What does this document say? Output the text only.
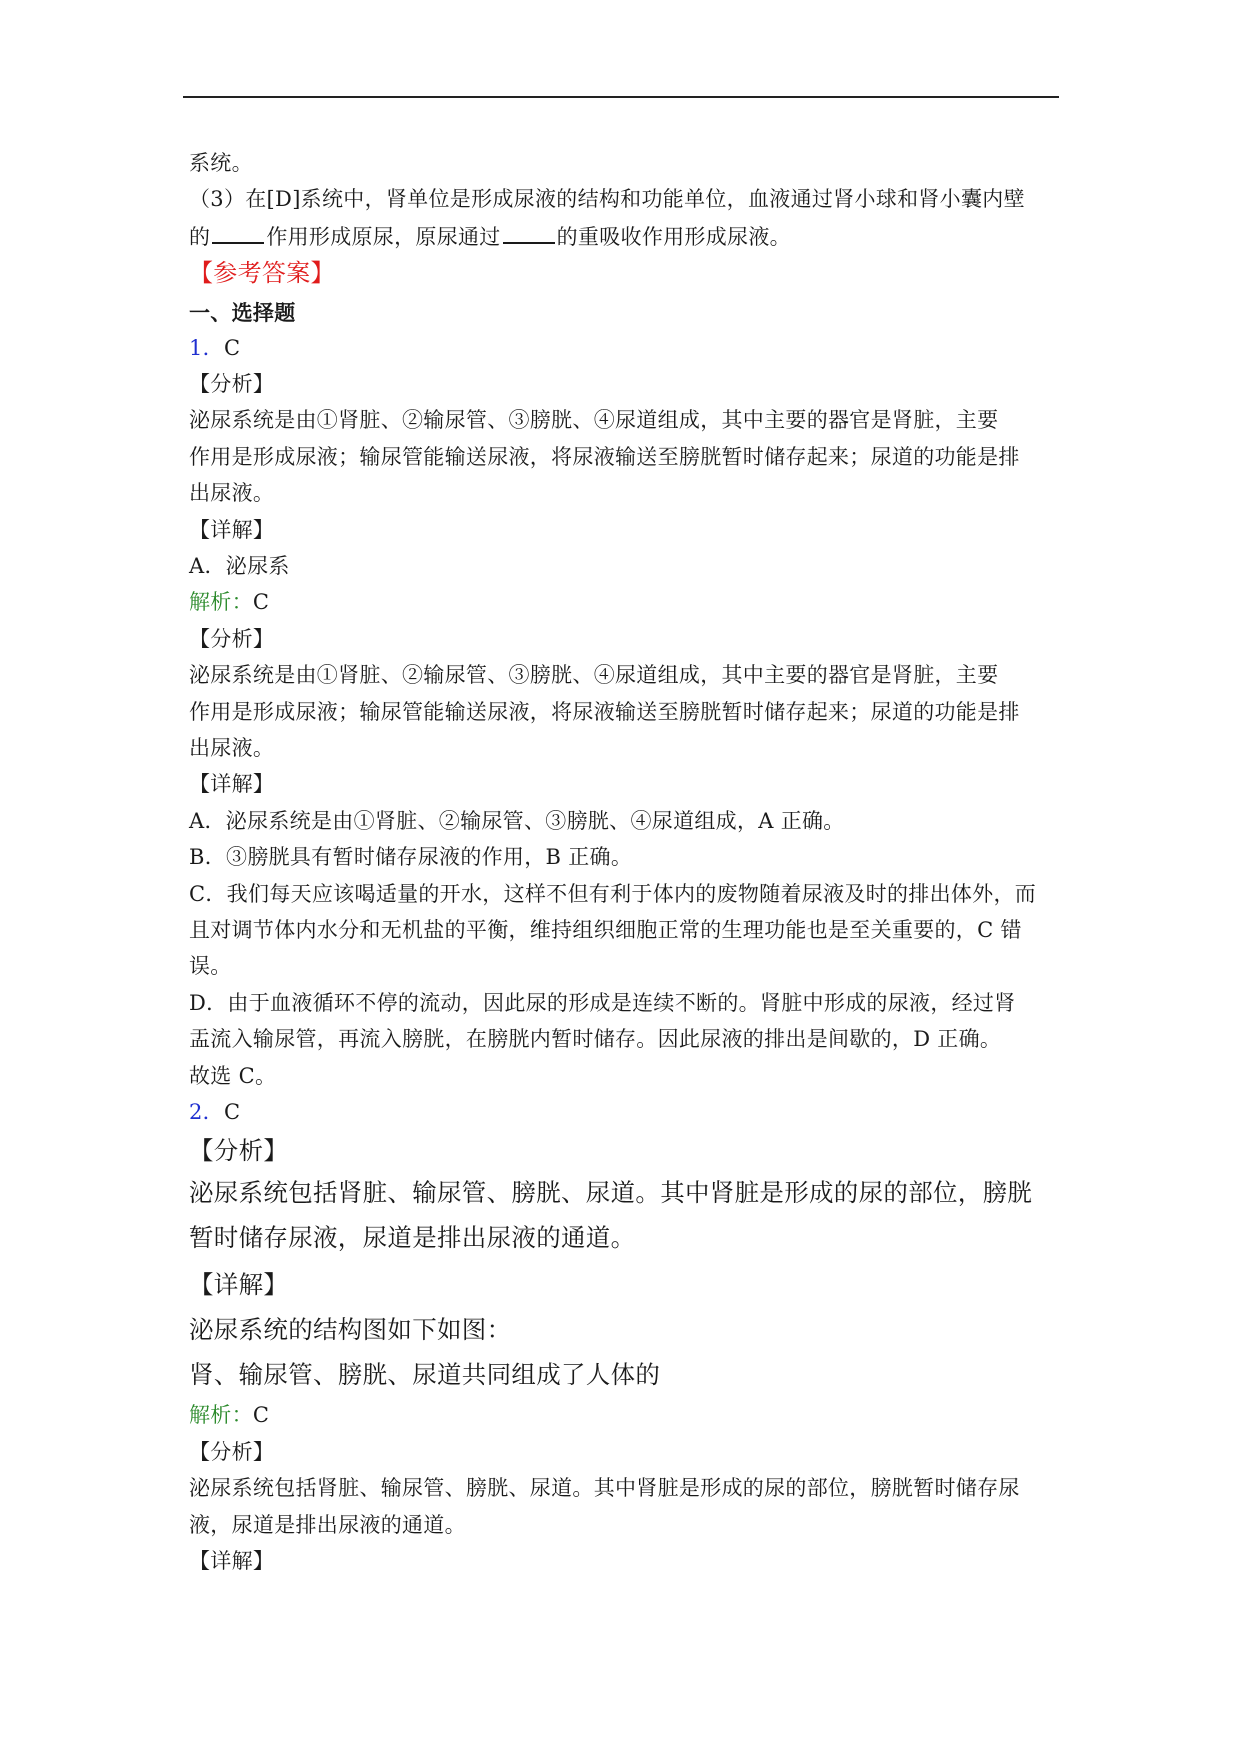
系统。
（3）在[D]系统中，肾单位是形成尿液的结构和功能单位，血液通过肾小球和肾小囊内壁
的	作用形成原尿，原尿通过	的重吸收作用形成尿液。
【参考答案】
一、选择题
1．C
【分析】
泌尿系统是由①肾脏、②输尿管、③膀胱、④尿道组成，其中主要的器官是肾脏，主要
作用是形成尿液；输尿管能输送尿液，将尿液输送至膀胱暂时储存起来；尿道的功能是排
出尿液。
【详解】
A．泌尿系
解析：C
【分析】
泌尿系统是由①肾脏、②输尿管、③膀胱、④尿道组成，其中主要的器官是肾脏，主要
作用是形成尿液；输尿管能输送尿液，将尿液输送至膀胱暂时储存起来；尿道的功能是排
出尿液。
【详解】
A．泌尿系统是由①肾脏、②输尿管、③膀胱、④尿道组成，A 正确。
B．③膀胱具有暂时储存尿液的作用，B 正确。
C．我们每天应该喝适量的开水，这样不但有利于体内的废物随着尿液及时的排出体外，而
且对调节体内水分和无机盐的平衡，维持组织细胞正常的生理功能也是至关重要的，C 错
误。
D．由于血液循环不停的流动，因此尿的形成是连续不断的。肾脏中形成的尿液，经过肾
盂流入输尿管，再流入膀胱，在膀胱内暂时储存。因此尿液的排出是间歇的，D 正确。
故选 C。
2．C
【分析】
泌尿系统包括肾脏、输尿管、膀胱、尿道。其中肾脏是形成的尿的部位，膀胱
暂时储存尿液，尿道是排出尿液的通道。
【详解】
泌尿系统的结构图如下如图：
肾、输尿管、膀胱、尿道共同组成了人体的
解析：C
【分析】
泌尿系统包括肾脏、输尿管、膀胱、尿道。其中肾脏是形成的尿的部位，膀胱暂时储存尿
液，尿道是排出尿液的通道。
【详解】
